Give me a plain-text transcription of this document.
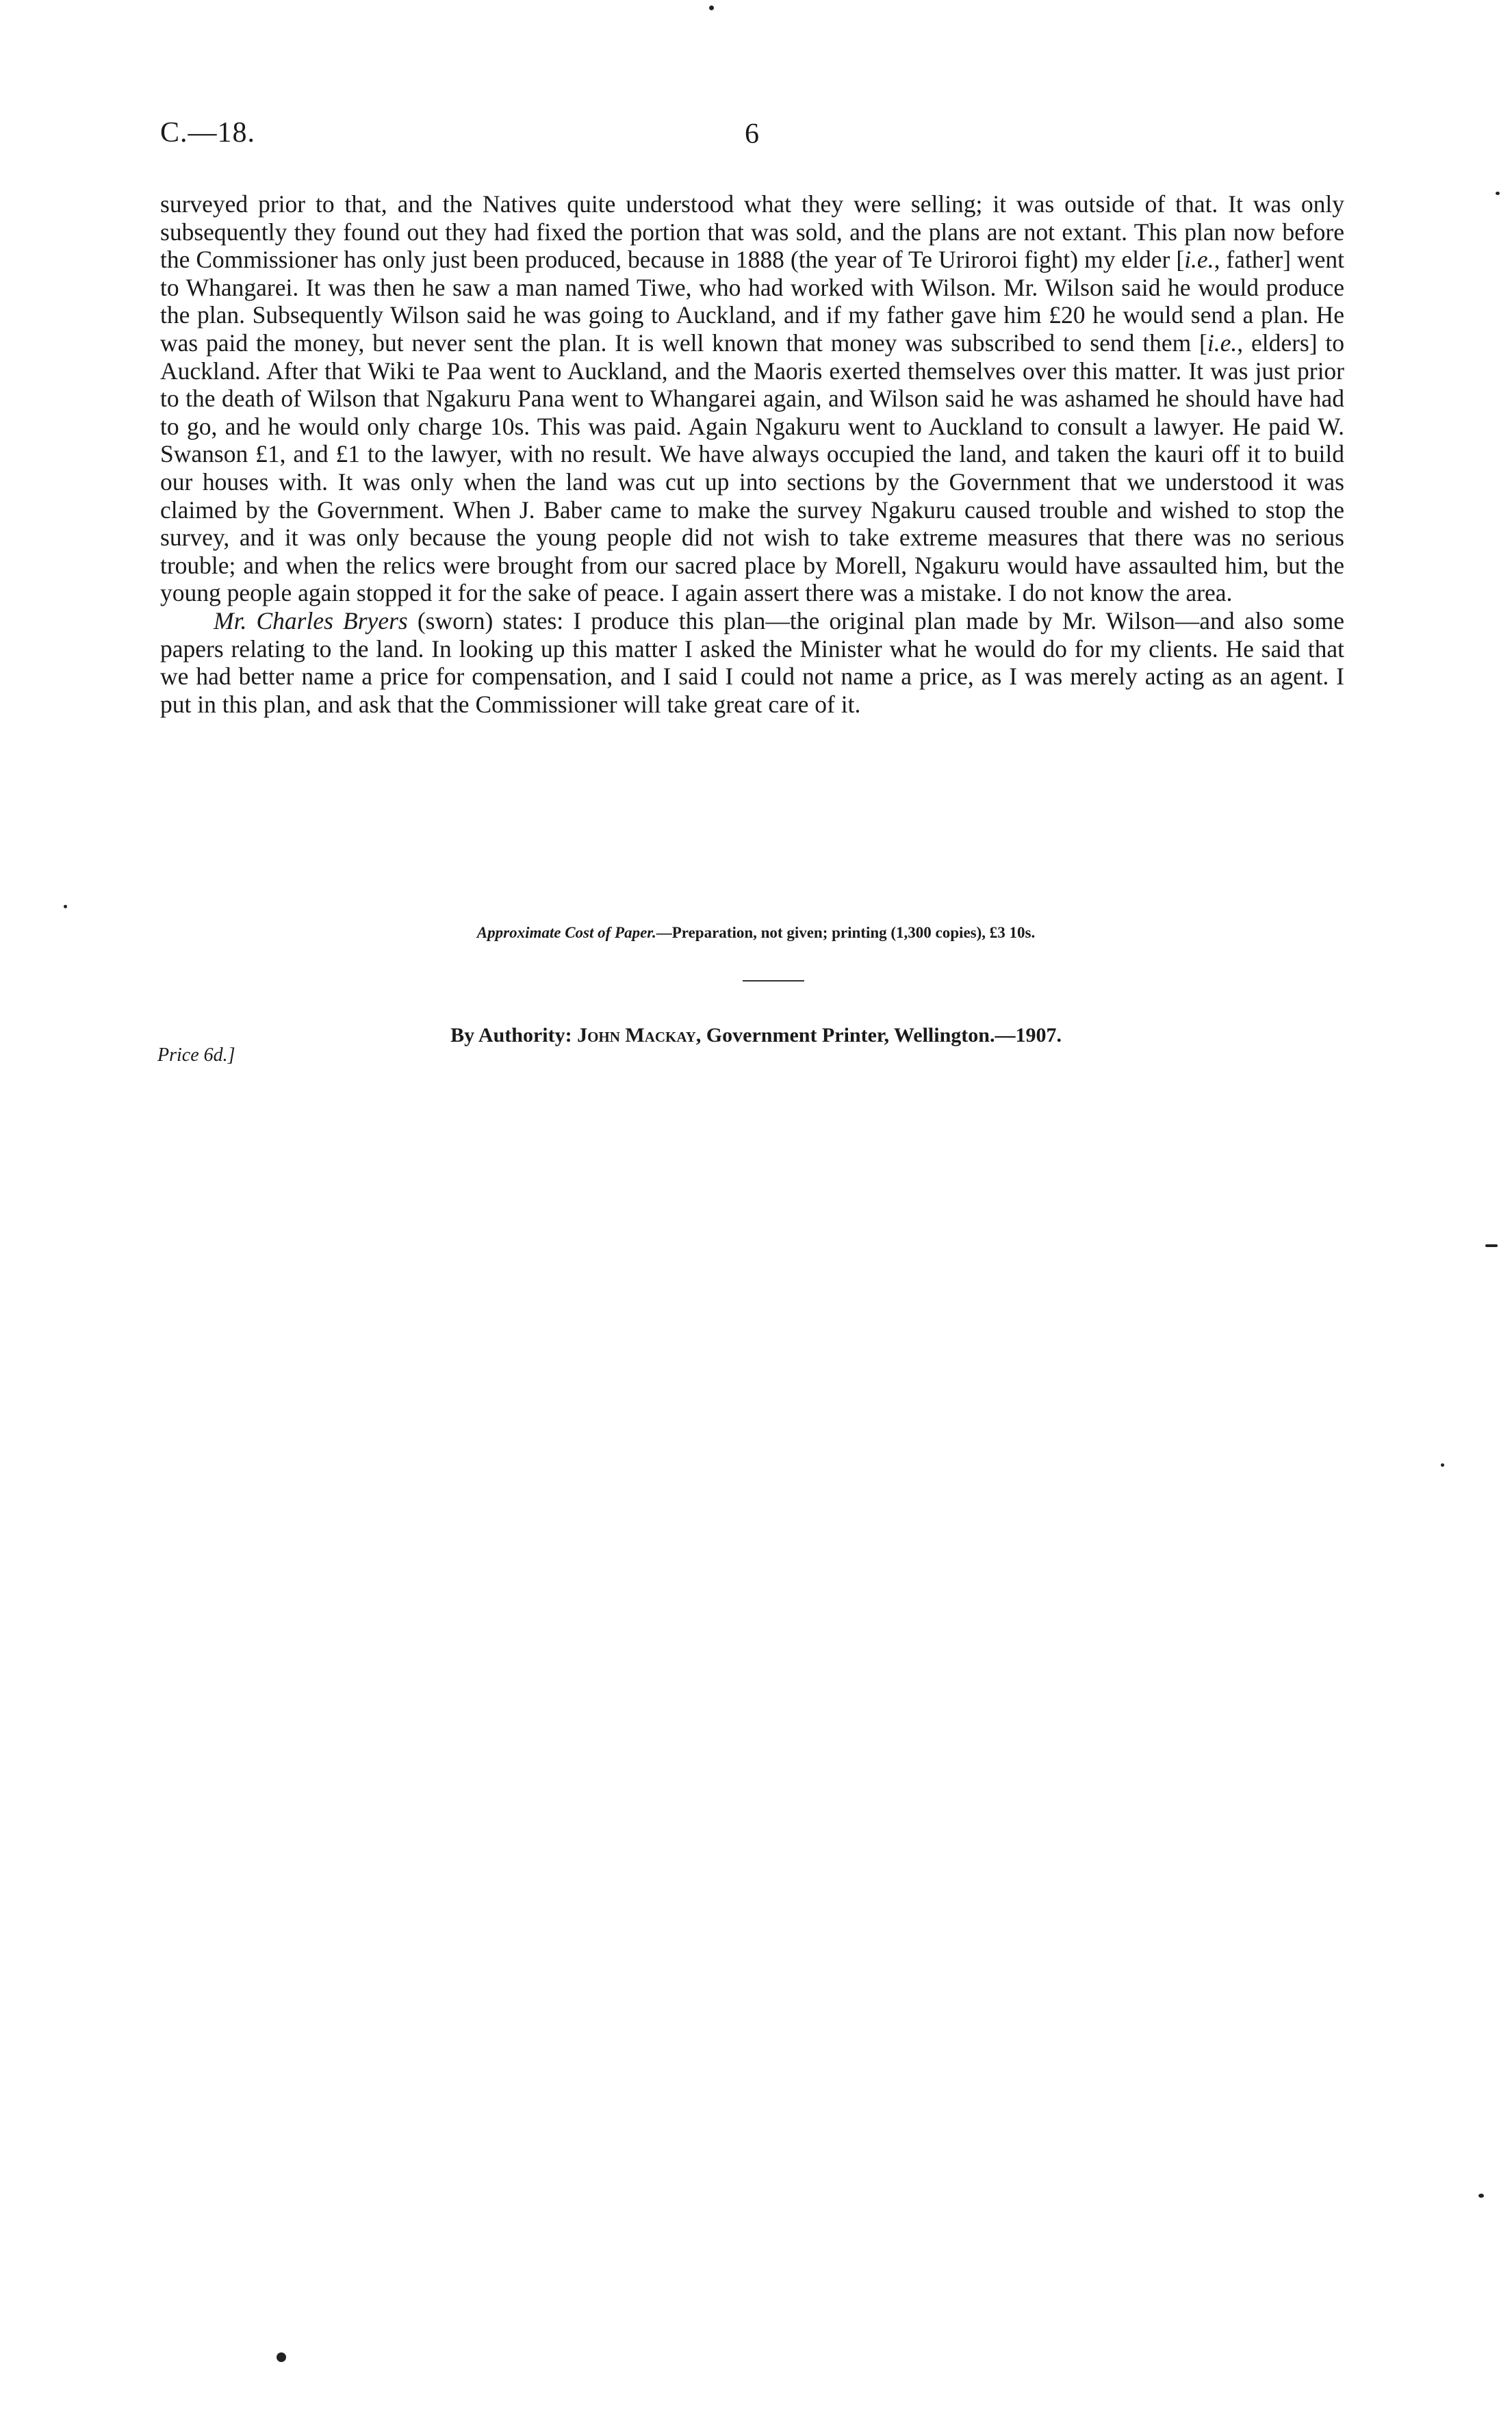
C.—18.	6

surveyed prior to that, and the Natives quite understood what they were selling; it was outside of that. It was only subsequently they found out they had fixed the portion that was sold, and the plans are not extant. This plan now before the Commissioner has only just been produced, because in 1888 (the year of Te Uriroroi fight) my elder [i.e., father] went to Whangarei. It was then he saw a man named Tiwe, who had worked with Wilson. Mr. Wilson said he would produce the plan. Subsequently Wilson said he was going to Auckland, and if my father gave him £20 he would send a plan. He was paid the money, but never sent the plan. It is well known that money was subscribed to send them [i.e., elders] to Auckland. After that Wiki te Paa went to Auckland, and the Maoris exerted themselves over this matter. It was just prior to the death of Wilson that Ngakuru Pana went to Whangarei again, and Wilson said he was ashamed he should have had to go, and he would only charge 10s. This was paid. Again Ngakuru went to Auckland to consult a lawyer. He paid W. Swanson £1, and £1 to the lawyer, with no result. We have always occupied the land, and taken the kauri off it to build our houses with. It was only when the land was cut up into sections by the Government that we understood it was claimed by the Government. When J. Baber came to make the survey Ngakuru caused trouble and wished to stop the survey, and it was only because the young people did not wish to take extreme measures that there was no serious trouble; and when the relics were brought from our sacred place by Morell, Ngakuru would have assaulted him, but the young people again stopped it for the sake of peace. I again assert there was a mistake. I do not know the area.

Mr. Charles Bryers (sworn) states: I produce this plan—the original plan made by Mr. Wilson—and also some papers relating to the land. In looking up this matter I asked the Minister what he would do for my clients. He said that we had better name a price for compensation, and I said I could not name a price, as I was merely acting as an agent. I put in this plan, and ask that the Commissioner will take great care of it.

Approximate Cost of Paper.—Preparation, not given; printing (1,300 copies), £3 10s.
By Authority: John Mackay, Government Printer, Wellington.—1907.
Price 6d.]
